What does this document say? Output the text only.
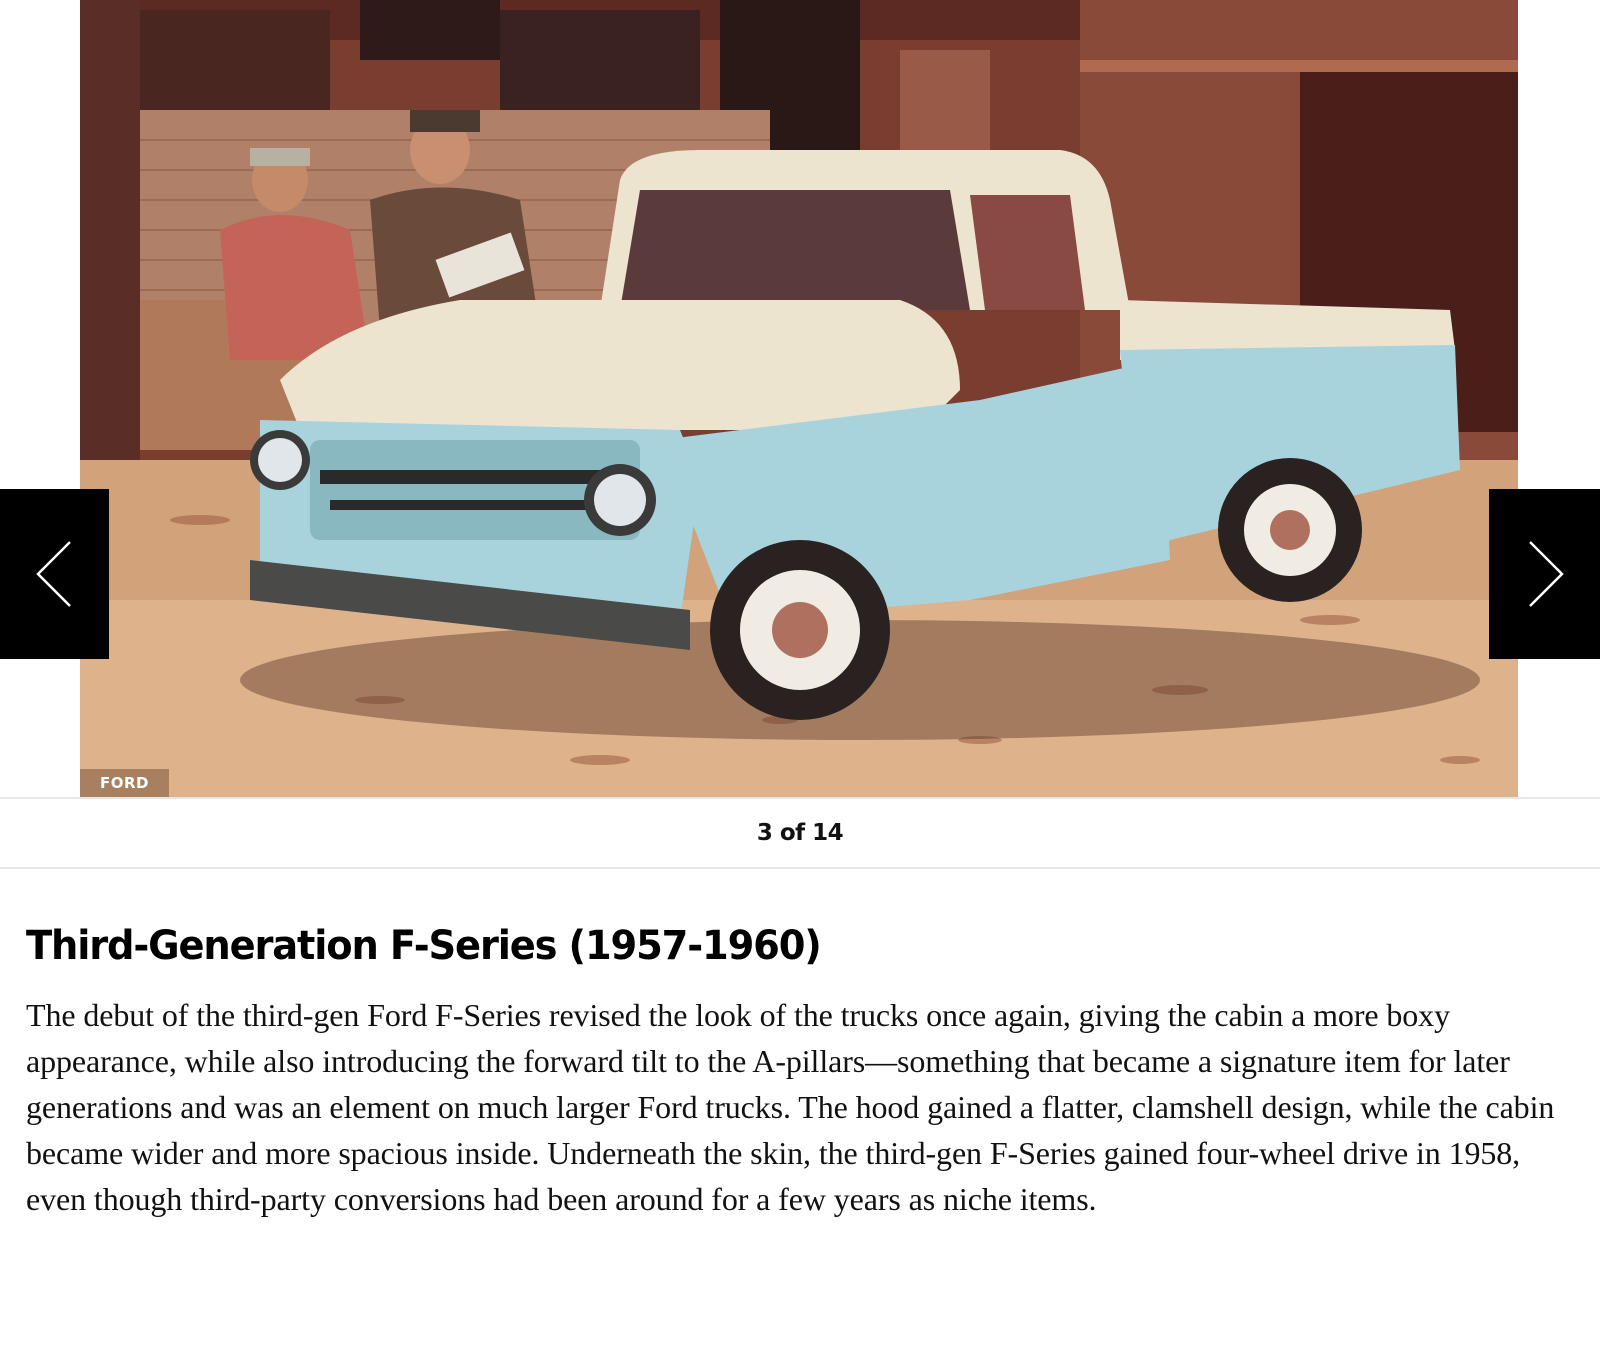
FORD
3 of 14
Third-Generation F-Series (1957-1960)

The debut of the third-gen Ford F-Series revised the look of the trucks once again, giving the cabin a more boxy appearance, while also introducing the forward tilt to the A-pillars—something that became a signature item for later generations and was an element on much larger Ford trucks. The hood gained a flatter, clamshell design, while the cabin became wider and more spacious inside. Underneath the skin, the third-gen F-Series gained four-wheel drive in 1958, even though third-party conversions had been around for a few years as niche items.
